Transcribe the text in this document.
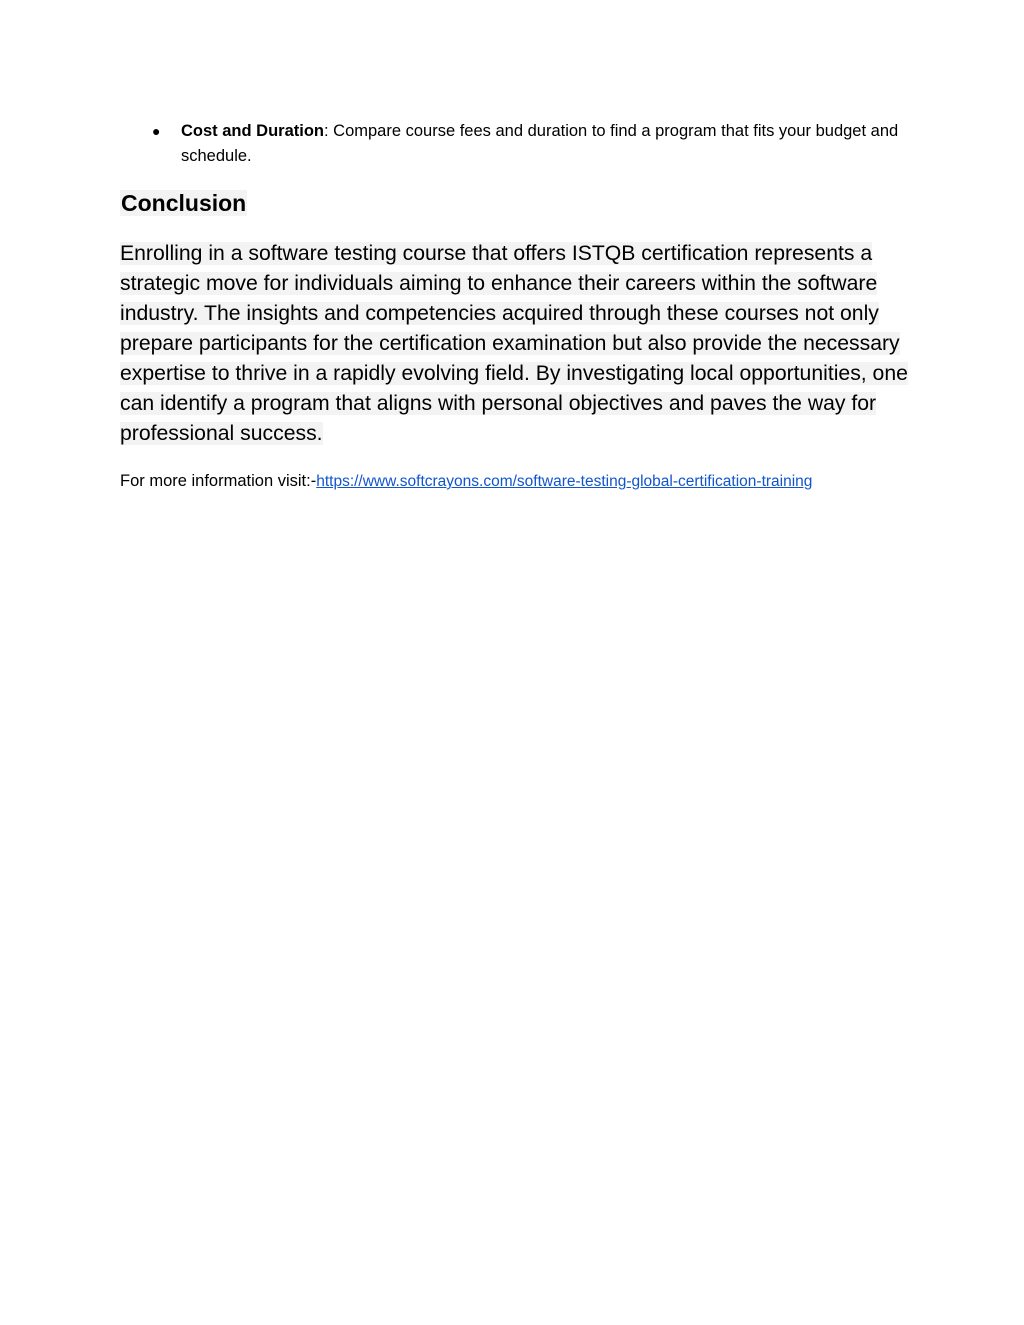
● Cost and Duration: Compare course fees and duration to find a program that fits your budget and schedule.
Conclusion

Enrolling in a software testing course that offers ISTQB certification represents a strategic move for individuals aiming to enhance their careers within the software industry. The insights and competencies acquired through these courses not only prepare participants for the certification examination but also provide the necessary expertise to thrive in a rapidly evolving field. By investigating local opportunities, one can identify a program that aligns with personal objectives and paves the way for professional success.

For more information visit:-https://www.softcrayons.com/software-testing-global-certification-training
